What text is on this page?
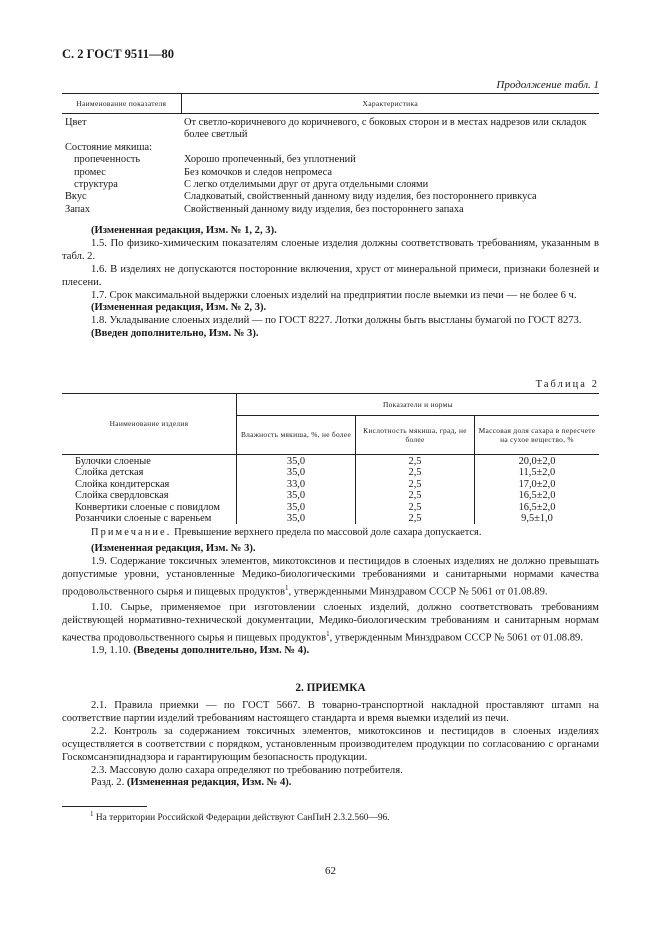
С. 2 ГОСТ 9511—80
Продолжение табл. 1
Наименование показателя	Характеристика
Цвет	От светло-коричневого до коричневого, с боковых сторон и в местах надрезов или складок более светлый
Состояние мякиша:	
пропеченность	Хорошо пропеченный, без уплотнений
промес	Без комочков и следов непромеса
структура	С легко отделимыми друг от друга отдельными слоями
Вкус	Сладковатый, свойственный данному виду изделия, без постороннего привкуса
Запах	Свойственный данному виду изделия, без постороннего запаха

(Измененная редакция, Изм. № 1, 2, 3).

1.5. По физико-химическим показателям слоеные изделия должны соответствовать требованиям, указанным в табл. 2.

1.6. В изделиях не допускаются посторонние включения, хруст от минеральной примеси, признаки болезней и плесени.

1.7. Срок максимальной выдержки слоеных изделий на предприятии после выемки из печи — не более 6 ч.

(Измененная редакция, Изм. № 2, 3).

1.8. Укладывание слоеных изделий — по ГОСТ 8227. Лотки должны быть выстланы бумагой по ГОСТ 8273.

(Введен дополнительно, Изм. № 3).

Таблица 2
Наименование изделия	Показатели и нормы		
	Влажность мякиша, %, не более	Кислотность мякиша, град, не более	Массовая доля сахара в пересчете на сухое вещество, %
Булочки слоеные	35,0	2,5	20,0±2,0
Слойка детская	35,0	2,5	11,5±2,0
Слойка кондитерская	33,0	2,5	17,0±2,0
Слойка свердловская	35,0	2,5	16,5±2,0
Конвертики слоеные с повидлом	35,0	2,5	16,5±2,0
Розанчики слоеные с вареньем	35,0	2,5	9,5±1,0
Примечание. Превышение верхнего предела по массовой доле сахара допускается.

(Измененная редакция, Изм. № 3).

1.9. Содержание токсичных элементов, микотоксинов и пестицидов в слоеных изделиях не должно превышать допустимые уровни, установленные Медико-биологическими требованиями и санитарными нормами качества продовольственного сырья и пищевых продуктов$^1$, утвержденными Минздравом СССР № 5061 от 01.08.89.

1.10. Сырье, применяемое при изготовлении слоеных изделий, должно соответствовать требованиям действующей нормативно-технической документации, Медико-биологическим требованиям и санитарным нормам качества продовольственного сырья и пищевых продуктов$^1$, утвержденным Минздравом СССР № 5061 от 01.08.89.

1.9, 1.10. (Введены дополнительно, Изм. № 4).

2. ПРИЕМКА

2.1. Правила приемки — по ГОСТ 5667. В товарно-транспортной накладной проставляют штамп на соответствие партии изделий требованиям настоящего стандарта и время выемки изделий из печи.

2.2. Контроль за содержанием токсичных элементов, микотоксинов и пестицидов в слоеных изделиях осуществляется в соответствии с порядком, установленным производителем продукции по согласованию с органами Госкомсанэпиднадзора и гарантирующим безопасность продукции.

2.3. Массовую долю сахара определяют по требованию потребителя.

Разд. 2. (Измененная редакция, Изм. № 4).

$^1$ На территории Российской Федерации действуют СанПиН 2.3.2.560—96.
62
